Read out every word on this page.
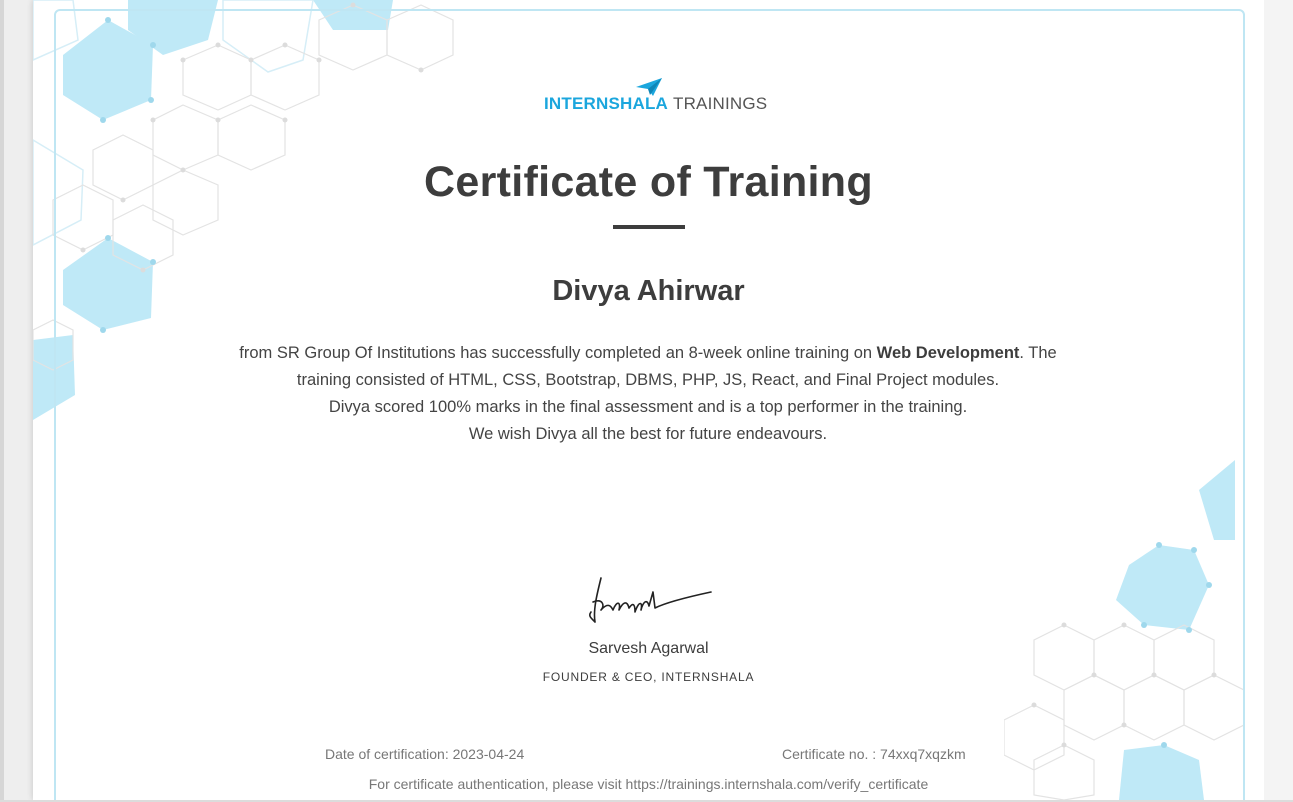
INTERNSHALA TRAININGS
Certificate of Training
Divya Ahirwar

from SR Group Of Institutions has successfully completed an 8-week online training on Web Development. The

training consisted of HTML, CSS, Bootstrap, DBMS, PHP, JS, React, and Final Project modules.

Divya scored 100% marks in the final assessment and is a top performer in the training.

We wish Divya all the best for future endeavours.

Sarvesh Agarwal
FOUNDER & CEO, INTERNSHALA
Date of certification: 2023-04-24	Certificate no. : 74xxq7xqzkm
For certificate authentication, please visit https://trainings.internshala.com/verify_certificate
